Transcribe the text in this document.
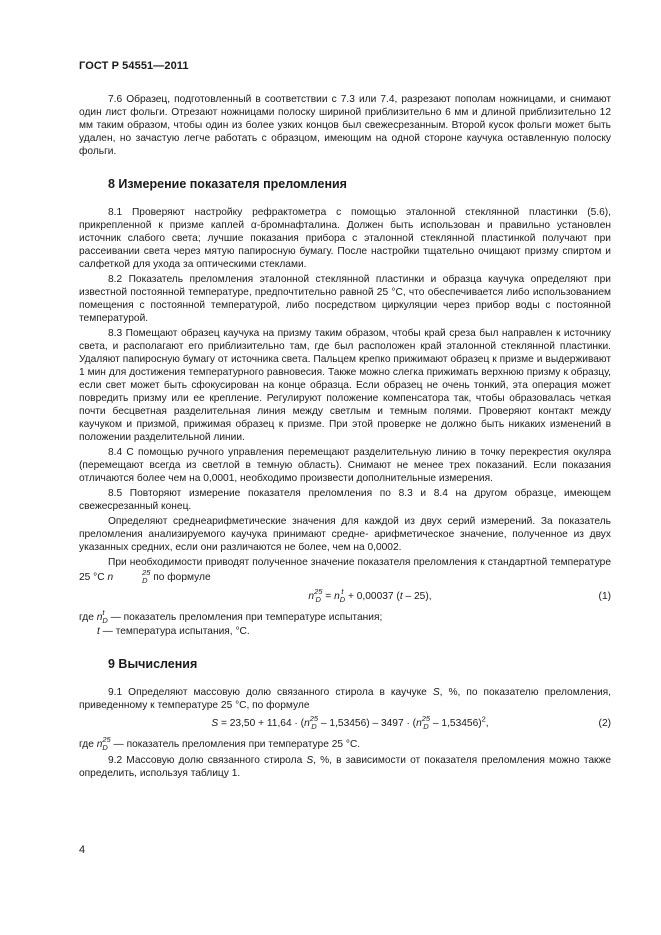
ГОСТ Р 54551—2011

7.6 Образец, подготовленный в соответствии с 7.3 или 7.4, разрезают пополам ножницами, и снимают один лист фольги. Отрезают ножницами полоску шириной приблизительно 6 мм и длиной приблизительно 12 мм таким образом, чтобы один из более узких концов был свежесрезанным. Второй кусок фольги может быть удален, но зачастую легче работать с образцом, имеющим на одной стороне каучука оставленную полоску фольги.

8 Измерение показателя преломления

8.1 Проверяют настройку рефрактометра с помощью эталонной стеклянной пластинки (5.6), прикрепленной к призме каплей α-бромнафталина. Должен быть использован и правильно установлен источник слабого света; лучшие показания прибора с эталонной стеклянной пластинкой получают при рассеивании света через мятую папиросную бумагу. После настройки тщательно очищают призму спиртом и салфеткой для ухода за оптическими стеклами.

8.2 Показатель преломления эталонной стеклянной пластинки и образца каучука определяют при известной постоянной температуре, предпочтительно равной 25 °С, что обеспечивается либо использованием помещения с постоянной температурой, либо посредством циркуляции через прибор воды с постоянной температурой.

8.3 Помещают образец каучука на призму таким образом, чтобы край среза был направлен к источнику света, и располагают его приблизительно там, где был расположен край эталонной стеклянной пластинки. Удаляют папиросную бумагу от источника света. Пальцем крепко прижимают образец к призме и выдерживают 1 мин для достижения температурного равновесия. Также можно слегка прижимать верхнюю призму к образцу, если свет может быть сфокусирован на конце образца. Если образец не очень тонкий, эта операция может повредить призму или ее крепление. Регулируют положение компенсатора так, чтобы образовалась четкая почти бесцветная разделительная линия между светлым и темным полями. Проверяют контакт между каучуком и призмой, прижимая образец к призме. При этой проверке не должно быть никаких изменений в положении разделительной линии.

8.4 С помощью ручного управления перемещают разделительную линию в точку перекрестия окуляра (перемещают всегда из светлой в темную область). Снимают не менее трех показаний. Если показания отличаются более чем на 0,0001, необходимо произвести дополнительные измерения.

8.5 Повторяют измерение показателя преломления по 8.3 и 8.4 на другом образце, имеющем свежесрезанный конец.

Определяют среднеарифметические значения для каждой из двух серий измерений. За показатель преломления анализируемого каучука принимают средне- арифметическое значение, полученное из двух указанных средних, если они различаются не более, чем на 0,0002.

При необходимости приводят полученное значение показателя преломления к стандартной температуре 25 °С n	25
D по формуле

n 25
D = n t
D + 0,00037 (t – 25),	(1)

где n t
D — показатель преломления при температуре испытания;

t — температура испытания, °С.

9 Вычисления

9.1 Определяют массовую долю связанного стирола в каучуке S, %, по показателю преломления, приведенному к температуре 25 °С, по формуле

S = 23,50 + 11,64 · (n 25
D – 1,53456) – 3497 · (n 25
D – 1,53456)$^2$,	(2)

где n 25
D — показатель преломления при температуре 25 °С.

9.2 Массовую долю связанного стирола S, %, в зависимости от показателя преломления можно также определить, используя таблицу 1.

4
